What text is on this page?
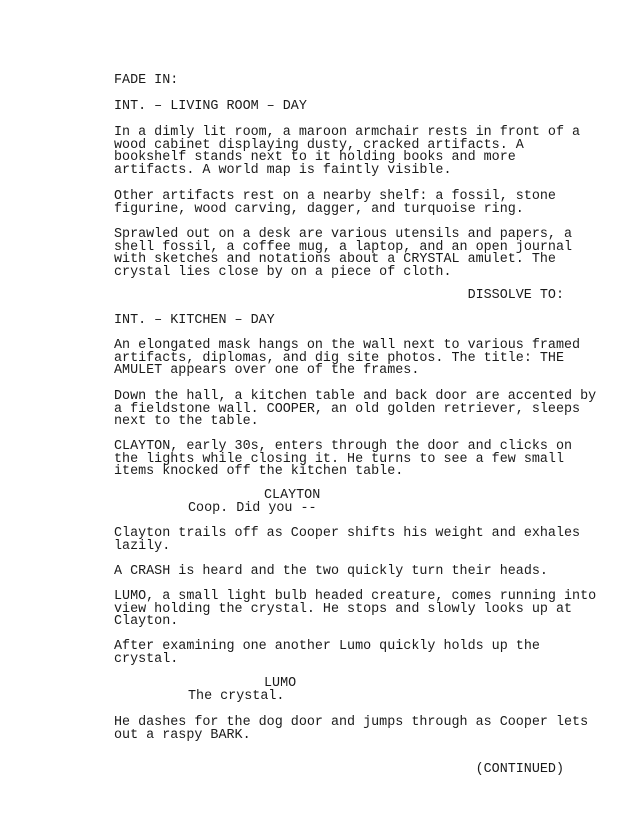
FADE IN:

INT. – LIVING ROOM – DAY

In a dimly lit room, a maroon armchair rests in front of a
wood cabinet displaying dusty, cracked artifacts. A
bookshelf stands next to it holding books and more
artifacts. A world map is faintly visible.

Other artifacts rest on a nearby shelf: a fossil, stone
figurine, wood carving, dagger, and turquoise ring.

Sprawled out on a desk are various utensils and papers, a
shell fossil, a coffee mug, a laptop, and an open journal
with sketches and notations about a CRYSTAL amulet. The
crystal lies close by on a piece of cloth.

DISSOLVE TO:

INT. – KITCHEN – DAY

An elongated mask hangs on the wall next to various framed
artifacts, diplomas, and dig site photos. The title: THE
AMULET appears over one of the frames.

Down the hall, a kitchen table and back door are accented by
a fieldstone wall. COOPER, an old golden retriever, sleeps
next to the table.

CLAYTON, early 30s, enters through the door and clicks on
the lights while closing it. He turns to see a few small
items knocked off the kitchen table.

CLAYTON

Coop. Did you --

Clayton trails off as Cooper shifts his weight and exhales
lazily.

A CRASH is heard and the two quickly turn their heads.

LUMO, a small light bulb headed creature, comes running into
view holding the crystal. He stops and slowly looks up at
Clayton.

After examining one another Lumo quickly holds up the
crystal.

LUMO

The crystal.

He dashes for the dog door and jumps through as Cooper lets
out a raspy BARK.

(CONTINUED)
